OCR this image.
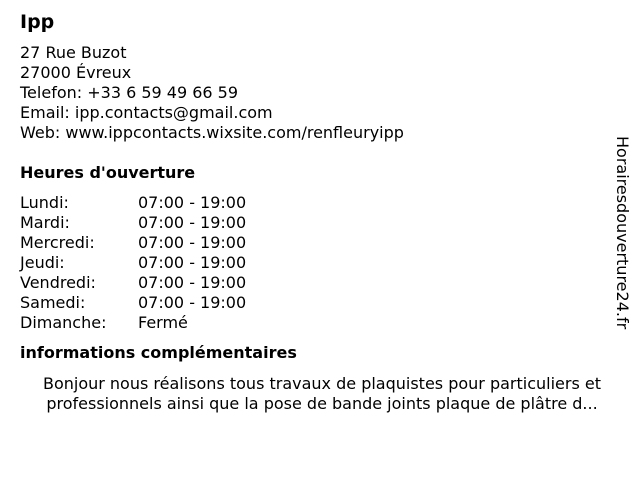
Ipp
27 Rue Buzot
27000 Évreux
Telefon: +33 6 59 49 66 59
Email: ipp.contacts@gmail.com
Web: www.ippcontacts.wixsite.com/renfleuryipp
Heures d'ouverture
Lundi:	07:00 - 19:00
Mardi:	07:00 - 19:00
Mercredi:	07:00 - 19:00
Jeudi:	07:00 - 19:00
Vendredi:	07:00 - 19:00
Samedi:	07:00 - 19:00
Dimanche:	Fermé
informations complémentaires
Bonjour nous réalisons tous travaux de plaquistes pour particuliers et
professionnels ainsi que la pose de bande joints plaque de plâtre d...
Horairesdouverture24.fr
